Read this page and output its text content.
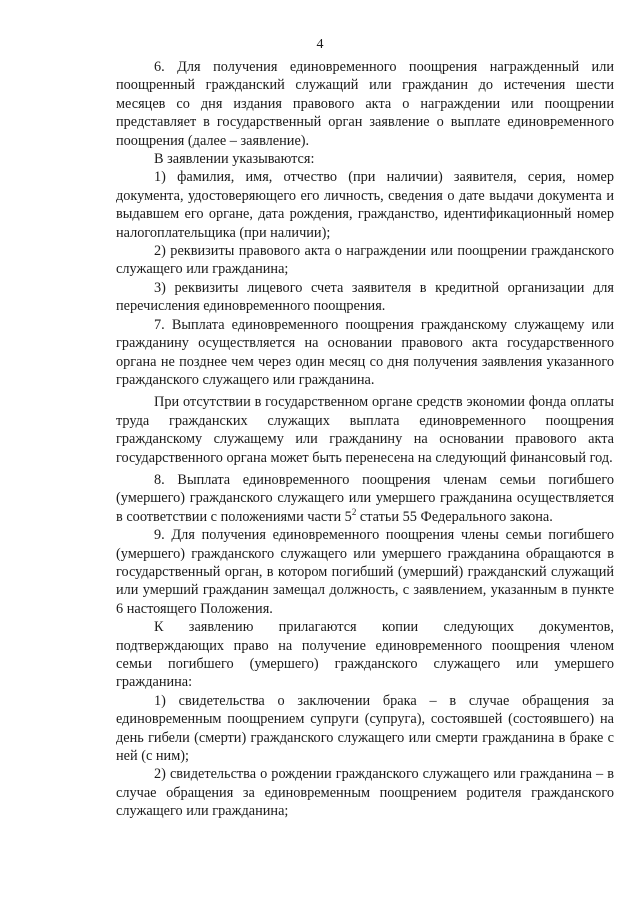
4

6. Для получения единовременного поощрения награжденный или поощренный гражданский служащий или гражданин до истечения шести месяцев со дня издания правового акта о награждении или поощрении представляет в государственный орган заявление о выплате единовременного поощрения (далее – заявление).

В заявлении указываются:

1) фамилия, имя, отчество (при наличии) заявителя, серия, номер документа, удостоверяющего его личность, сведения о дате выдачи документа и выдавшем его органе, дата рождения, гражданство, идентификационный номер налогоплательщика (при наличии);

2) реквизиты правового акта о награждении или поощрении гражданского служащего или гражданина;

3) реквизиты лицевого счета заявителя в кредитной организации для перечисления единовременного поощрения.

7. Выплата единовременного поощрения гражданскому служащему или гражданину осуществляется на основании правового акта государственного органа не позднее чем через один месяц со дня получения заявления указанного гражданского служащего или гражданина.

При отсутствии в государственном органе средств экономии фонда оплаты труда гражданских служащих выплата единовременного поощрения гражданскому служащему или гражданину на основании правового акта государственного органа может быть перенесена на следующий финансовый год.

8. Выплата единовременного поощрения членам семьи погибшего (умершего) гражданского служащего или умершего гражданина осуществляется в соответствии с положениями части $5^2$ статьи 55 Федерального закона.

9. Для получения единовременного поощрения члены семьи погибшего (умершего) гражданского служащего или умершего гражданина обращаются в государственный орган, в котором погибший (умерший) гражданский служащий или умерший гражданин замещал должность, с заявлением, указанным в пункте 6 настоящего Положения.

К заявлению прилагаются копии следующих документов, подтверждающих право на получение единовременного поощрения членом семьи погибшего (умершего) гражданского служащего или умершего гражданина:

1) свидетельства о заключении брака – в случае обращения за единовременным поощрением супруги (супруга), состоявшей (состоявшего) на день гибели (смерти) гражданского служащего или смерти гражданина в браке с ней (с ним);

2) свидетельства о рождении гражданского служащего или гражданина – в случае обращения за единовременным поощрением родителя гражданского служащего или гражданина;
